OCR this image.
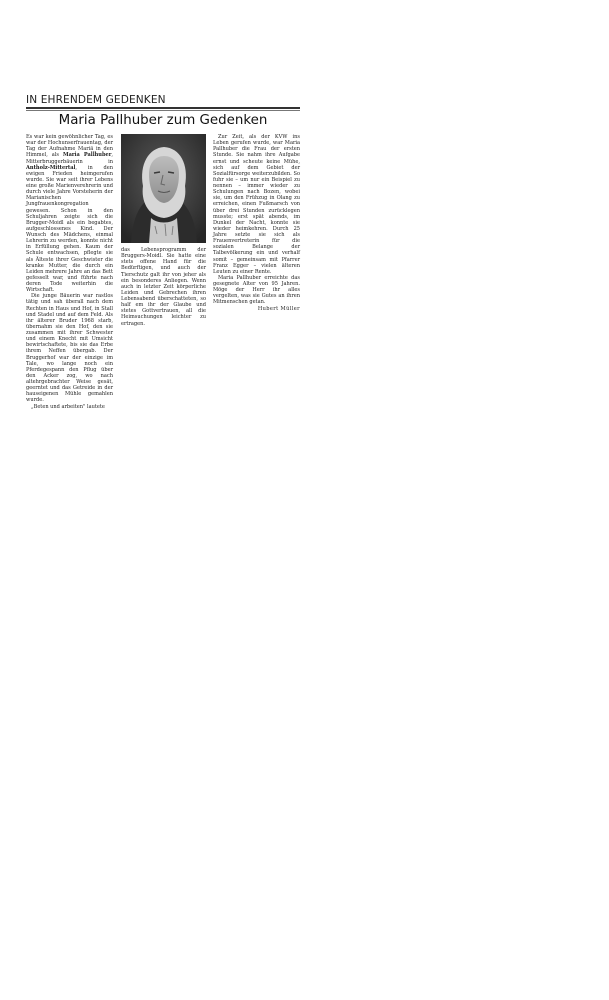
IN EHRENDEM GEDENKEN
Maria Pallhuber zum Gedenken

Es war kein gewöhnlicher Tag, es war der Hochunserfrauentag, der Tag der Aufnahme Mariä in den Himmel, als Maria Pallhuber, Mitterbruggerbäuerin in Antholz-Mittertal, in den ewigen Frieden heimgerufen wurde. Sie war seit ihrer Lebens eine große Marienverehrerin und durch viele Jahre Vorsteherin der Marianischen Jungfrauenkongregation gewesen. Schon in den Schuljahren zeigte sich die Brugger-Moidl als ein begabtes, aufgeschlossenes Kind. Der Wunsch des Mädchens, einmal Lehrerin zu werden, konnte nicht in Erfüllung gehen. Kaum der Schule entwachsen, pflegte sie als Älteste ihrer Geschwister die kranke Mutter, die durch ein Leiden mehrere Jahre an das Bett gefesselt war, und führte nach deren Tode weiterhin die Wirtschaft.

Die junge Bäuerin war rastlos tätig und sah überall nach dem Rechten in Haus und Hof, in Stall und Stadel und auf dem Feld. Als ihr älterer Bruder 1968 starb, übernahm sie den Hof, den sie zusammen mit ihrer Schwester und einem Knecht mit Umsicht bewirtschaftete, bis sie das Erbe ihrem Neffen übergab. Der Bruggerhof war der einzige im Tale, wo lange noch ein Pferdegespann den Pflug über den Acker zog, wo nach altehrgebrachter Weise gesät, geerntet und das Getreide in der hauseigenen Mühle gemahlen wurde.

„Beten und arbeiten" lautete

das Lebensprogramm der Bruggers-Moidl. Sie hatte eine stets offene Hand für die Bedürftigen, und auch der Tierschutz galt ihr von jeher als ein besonderes Anliegen. Wenn auch in letzter Zeit körperliche Leiden und Gebrechen ihren Lebensabend überschatteten, so half em ihr der Glaube und stetes Gottvertrauen, all die Heimsuchungen leichter zu ertragen.

Zur Zeit, als der KVW ins Leben gerufen wurde, war Maria Pallhuber die Frau der ersten Stunde. Sie nahm ihre Aufgabe ernst und scheute keine Mühe, sich auf dem Gebiet der Sozialfürsorge weiterzubilden. So fuhr sie – um nur ein Beispiel zu nennen – immer wieder zu Schulungen nach Bozen, wobei sie, um den Frühzug in Olang zu erreichen, einen Fußmarsch von über drei Stunden zurücklegen musste; erst spät abends, im Dunkel der Nacht, konnte sie wieder heimkehren. Durch 25 Jahre setzte sie sich als Frauenvertreterin für die sozialen Belange der Talbevölkerung ein und verhalf somit – gemeinsam mit Pfarrer Franz Egger – vielen älteren Leuten zu einer Rente.

Maria Pallhuber erreichte das gesegnete Alter von 95 Jahren. Möge der Herr ihr alles vergelten, was sie Gutes an ihren Mitmenschen getan.

Hubert Müller
